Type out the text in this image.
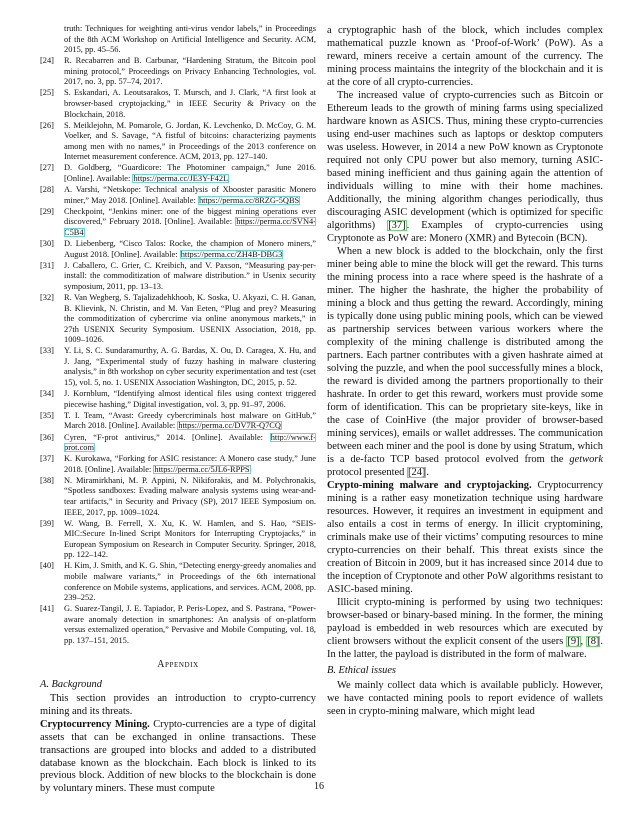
truth: Techniques for weighting anti-virus vendor labels,” in Proceedings of the 8th ACM Workshop on Artificial Intelligence and Security. ACM, 2015, pp. 45–56.
[24] R. Recabarren and B. Carbunar, “Hardening Stratum, the Bitcoin pool mining protocol,” Proceedings on Privacy Enhancing Technologies, vol. 2017, no. 3, pp. 57–74, 2017.
[25] S. Eskandari, A. Leoutsarakos, T. Mursch, and J. Clark, “A first look at browser-based cryptojacking,” in IEEE Security & Privacy on the Blockchain, 2018.
[26] S. Meiklejohn, M. Pomarole, G. Jordan, K. Levchenko, D. McCoy, G. M. Voelker, and S. Savage, “A fistful of bitcoins: characterizing payments among men with no names,” in Proceedings of the 2013 conference on Internet measurement conference. ACM, 2013, pp. 127–140.
[27] D. Goldberg, “Guardicore: The Photominer campaign,” June 2016. [Online]. Available: https://perma.cc/JE3Y-F42L
[28] A. Varshi, “Netskope: Technical analysis of Xbooster parasitic Monero miner,” May 2018. [Online]. Available: https://perma.cc/8RZG-5QBS
[29] Checkpoint, “Jenkins miner: one of the biggest mining operations ever discovered,” February 2018. [Online]. Available: https://perma.cc/SVN4-C5B4
[30] D. Liebenberg, “Cisco Talos: Rocke, the champion of Monero miners,” August 2018. [Online]. Available: https://perma.cc/ZH4B-DBG3
[31] J. Caballero, C. Grier, C. Kreibich, and V. Paxson, “Measuring pay-per-install: the commoditization of malware distribution.” in Usenix security symposium, 2011, pp. 13–13.
[32] R. Van Wegberg, S. Tajalizadehkhoob, K. Soska, U. Akyazi, C. H. Ganan, B. Klievink, N. Christin, and M. Van Eeten, “Plug and prey? Measuring the commoditization of cybercrime via online anonymous markets,” in 27th USENIX Security Symposium. USENIX Association, 2018, pp. 1009–1026.
[33] Y. Li, S. C. Sundaramurthy, A. G. Bardas, X. Ou, D. Caragea, X. Hu, and J. Jang, “Experimental study of fuzzy hashing in malware clustering analysis,” in 8th workshop on cyber security experimentation and test (cset 15), vol. 5, no. 1. USENIX Association Washington, DC, 2015, p. 52.
[34] J. Kornblum, “Identifying almost identical files using context triggered piecewise hashing,” Digital investigation, vol. 3, pp. 91–97, 2006.
[35] T. I. Team, “Avast: Greedy cybercriminals host malware on GitHub,” March 2018. [Online]. Available: https://perma.cc/DV7R-Q7CQ
[36] Cyren, “F-prot antivirus,” 2014. [Online]. Available: http://www.f-prot.com
[37] K. Kurokawa, “Forking for ASIC resistance: A Monero case study,” June 2018. [Online]. Available: https://perma.cc/5JL6-RPPS
[38] N. Miramirkhani, M. P. Appini, N. Nikiforakis, and M. Polychronakis, “Spotless sandboxes: Evading malware analysis systems using wear-and-tear artifacts,” in Security and Privacy (SP), 2017 IEEE Symposium on. IEEE, 2017, pp. 1009–1024.
[39] W. Wang, B. Ferrell, X. Xu, K. W. Hamlen, and S. Hao, “SEIS-MIC:Secure In-lined Script Monitors for Interrupting Cryptojacks,” in European Symposium on Research in Computer Security. Springer, 2018, pp. 122–142.
[40] H. Kim, J. Smith, and K. G. Shin, “Detecting energy-greedy anomalies and mobile malware variants,” in Proceedings of the 6th international conference on Mobile systems, applications, and services. ACM, 2008, pp. 239–252.
[41] G. Suarez-Tangil, J. E. Tapiador, P. Peris-Lopez, and S. Pastrana, “Power-aware anomaly detection in smartphones: An analysis of on-platform versus externalized operation,” Pervasive and Mobile Computing, vol. 18, pp. 137–151, 2015.
Appendix
A. Background

This section provides an introduction to crypto-currency mining and its threats.

Cryptocurrency Mining. Crypto-currencies are a type of digital assets that can be exchanged in online transactions. These transactions are grouped into blocks and added to a distributed database known as the blockchain. Each block is linked to its previous block. Addition of new blocks to the blockchain is done by voluntary miners. These must compute

a cryptographic hash of the block, which includes complex mathematical puzzle known as ‘Proof-of-Work’ (PoW). As a reward, miners receive a certain amount of the currency. The mining process maintains the integrity of the blockchain and it is at the core of all crypto-currencies.

The increased value of crypto-currencies such as Bitcoin or Ethereum leads to the growth of mining farms using specialized hardware known as ASICS. Thus, mining these crypto-currencies using end-user machines such as laptops or desktop computers was useless. However, in 2014 a new PoW known as Cryptonote required not only CPU power but also memory, turning ASIC-based mining inefficient and thus gaining again the attention of individuals willing to mine with their home machines. Additionally, the mining algorithm changes periodically, thus discouraging ASIC development (which is optimized for specific algorithms) [37]. Examples of crypto-currencies using Cryptonote as PoW are: Monero (XMR) and Bytecoin (BCN).

When a new block is added to the blockchain, only the first miner being able to mine the block will get the reward. This turns the mining process into a race where speed is the hashrate of a miner. The higher the hashrate, the higher the probability of mining a block and thus getting the reward. Accordingly, mining is typically done using public mining pools, which can be viewed as partnership services between various workers where the complexity of the mining challenge is distributed among the partners. Each partner contributes with a given hashrate aimed at solving the puzzle, and when the pool successfully mines a block, the reward is divided among the partners proportionally to their hashrate. In order to get this reward, workers must provide some form of identification. This can be proprietary site-keys, like in the case of CoinHive (the major provider of browser-based mining services), emails or wallet addresses. The communication between each miner and the pool is done by using Stratum, which is a de-facto TCP based protocol evolved from the getwork protocol presented [24].

Crypto-mining malware and cryptojacking. Cryptocurrency mining is a rather easy monetization technique using hardware resources. However, it requires an investment in equipment and also entails a cost in terms of energy. In illicit cryptomining, criminals make use of their victims’ computing resources to mine crypto-currencies on their behalf. This threat exists since the creation of Bitcoin in 2009, but it has increased since 2014 due to the inception of Cryptonote and other PoW algorithms resistant to ASIC-based mining.

Illicit crypto-mining is performed by using two techniques: browser-based or binary-based mining. In the former, the mining payload is embedded in web resources which are executed by client browsers without the explicit consent of the users [9], [8]. In the latter, the payload is distributed in the form of malware.

B. Ethical issues

We mainly collect data which is available publicly. However, we have contacted mining pools to report evidence of wallets seen in crypto-mining malware, which might lead

16
